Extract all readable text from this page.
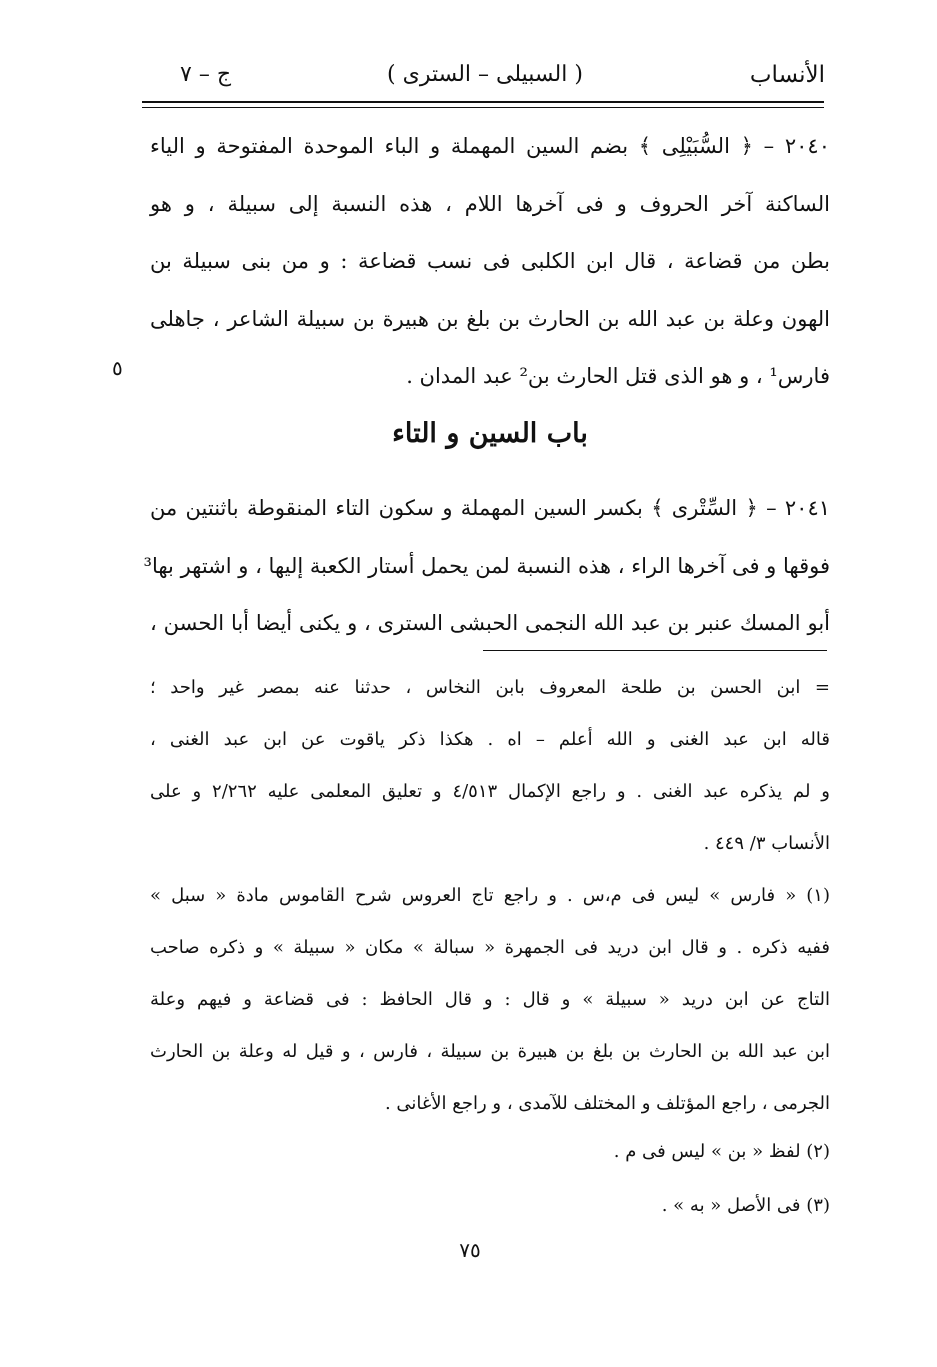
الأنساب
( السبيلى – السترى )
ج – ٧
٢٠٤٠ – ﴿ السُّبَيْلِى ﴾ بضم السين المهملة و الباء الموحدة المفتوحة و الياء
الساكنة آخر الحروف و فى آخرها اللام ، هذه النسبة إلى سبيلة ، و هو
بطن من قضاعة ، قال ابن الكلبى فى نسب قضاعة : و من بنى سبيلة بن
الهون وعلة بن عبد الله بن الحارث بن بلغ بن هبيرة بن سبيلة الشاعر ، جاهلى
فارس¹ ، و هو الذى قتل الحارث بن² عبد المدان .
٥
باب السين و التاء
٢٠٤١ – ﴿ السِّتْرى ﴾ بكسر السين المهملة و سكون التاء المنقوطة باثنتين من
فوقها و فى آخرها الراء ، هذه النسبة لمن يحمل أستار الكعبة إليها ، و اشتهر بها³
أبو المسك عنبر بن عبد الله النجمى الحبشى السترى ، و يكنى أيضا أبا الحسن ،
= ابن الحسن بن طلحة المعروف بابن النخاس ، حدثنا عنه بمصر غير واحد ؛
قاله ابن عبد الغنى و الله أعلم – اه . هكذا ذكر ياقوت عن ابن عبد الغنى ،
و لم يذكره عبد الغنى . و راجع الإكمال ٤/٥١٣ و تعليق المعلمى عليه ٢/٢٦٢ و على
الأنساب ٣/ ٤٤٩ .
(١) « فارس » ليس فى م،س . و راجع تاج العروس شرح القاموس مادة « سبل »
ففيه ذكره . و قال ابن دريد فى الجمهرة « سبالة » مكان « سبيلة » و ذكره صاحب
التاج عن ابن دريد « سبيلة » و قال : و قال الحافظ : فى قضاعة و فيهم وعلة
ابن عبد الله بن الحارث بن بلغ بن هبيرة بن سبيلة ، فارس ، و قيل له وعلة بن الحارث
الجرمى ، راجع المؤتلف و المختلف للآمدى ، و راجع الأغانى .
(٢) لفظ « بن » ليس فى م .
(٣) فى الأصل « به » .
٧٥
